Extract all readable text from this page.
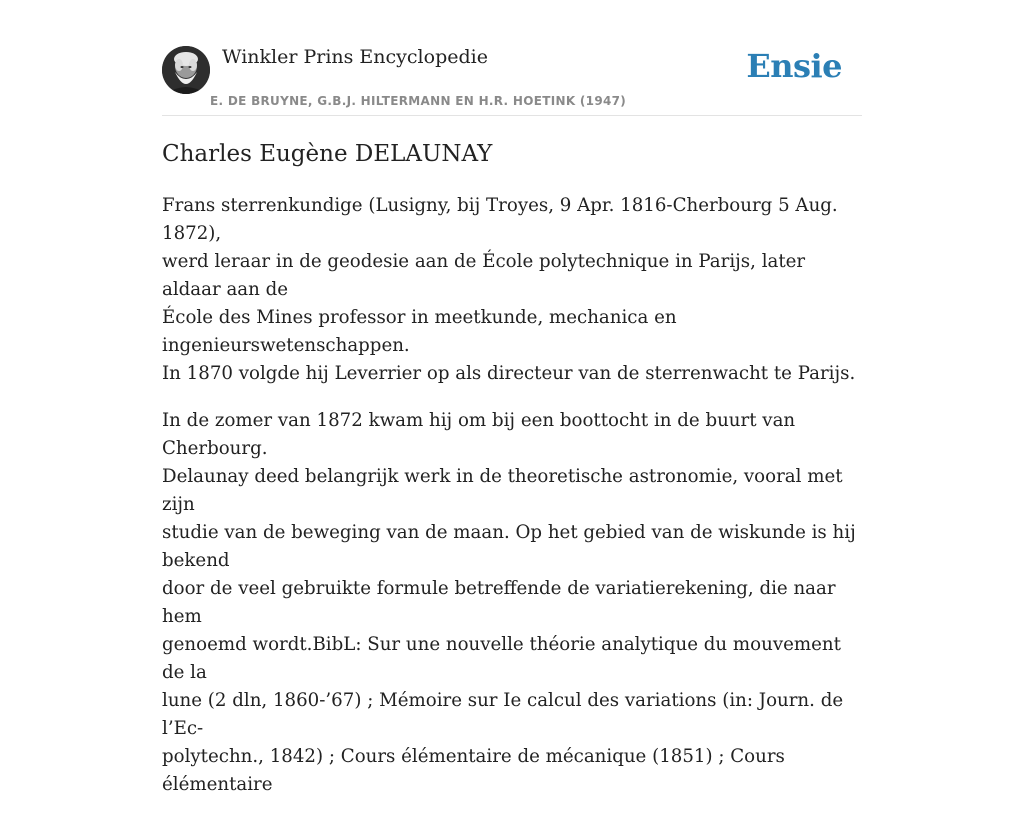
Winkler Prins Encyclopedie
E. DE BRUYNE, G.B.J. HILTERMANN EN H.R. HOETINK (1947)
Ensie
Charles Eugène DELAUNAY

Frans sterrenkundige (Lusigny, bij Troyes, 9 Apr. 1816-Cherbourg 5 Aug. 1872),
werd leraar in de geodesie aan de École polytechnique in Parijs, later aldaar aan de
École des Mines professor in meetkunde, mechanica en ingenieurswetenschappen.
In 1870 volgde hij Leverrier op als directeur van de sterrenwacht te Parijs.

In de zomer van 1872 kwam hij om bij een boottocht in de buurt van Cherbourg.
Delaunay deed belangrijk werk in de theoretische astronomie, vooral met zijn
studie van de beweging van de maan. Op het gebied van de wiskunde is hij bekend
door de veel gebruikte formule betreffende de variatierekening, die naar hem
genoemd wordt.BibL: Sur une nouvelle théorie analytique du mouvement de la
lune (2 dln, 1860-’67) ; Mémoire sur Ie calcul des variations (in: Journ. de l’Ec-
polytechn., 1842) ; Cours élémentaire de mécanique (1851) ; Cours élémentaire
